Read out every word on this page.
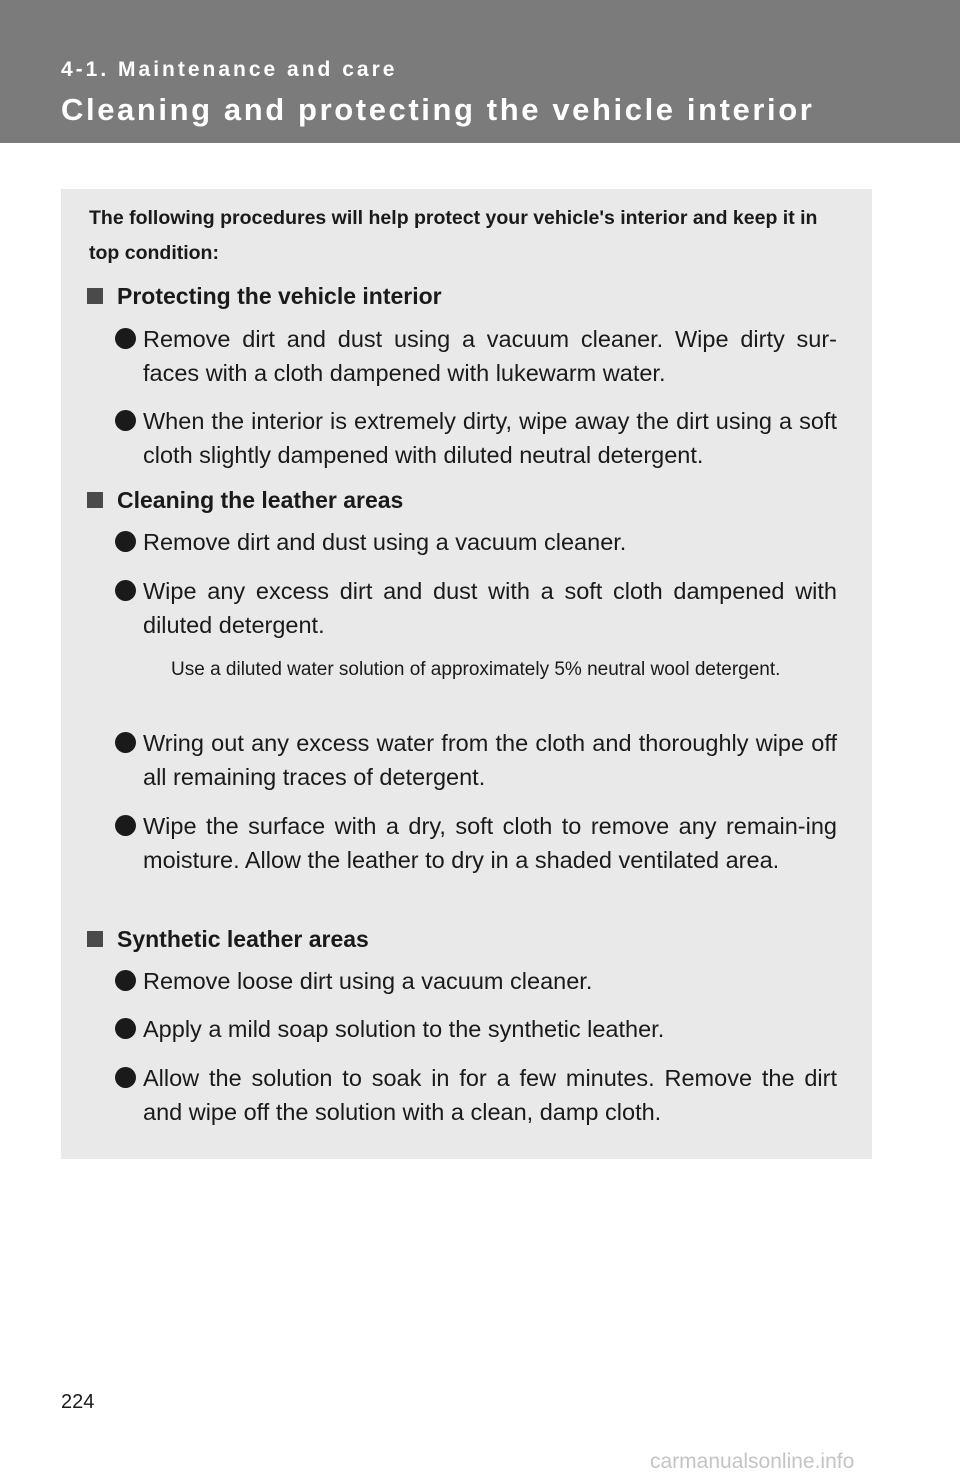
4-1. Maintenance and care
Cleaning and protecting the vehicle interior
The following procedures will help protect your vehicle's interior and keep it in top condition:
Protecting the vehicle interior
Remove dirt and dust using a vacuum cleaner. Wipe dirty sur-faces with a cloth dampened with lukewarm water.
When the interior is extremely dirty, wipe away the dirt using a soft cloth slightly dampened with diluted neutral detergent.
Cleaning the leather areas
Remove dirt and dust using a vacuum cleaner.
Wipe any excess dirt and dust with a soft cloth dampened with diluted detergent.
Use a diluted water solution of approximately 5% neutral wool detergent.
Wring out any excess water from the cloth and thoroughly wipe off all remaining traces of detergent.
Wipe the surface with a dry, soft cloth to remove any remain-ing moisture. Allow the leather to dry in a shaded ventilated area.
Synthetic leather areas
Remove loose dirt using a vacuum cleaner.
Apply a mild soap solution to the synthetic leather.
Allow the solution to soak in for a few minutes. Remove the dirt and wipe off the solution with a clean, damp cloth.
224
carmanualsonline.info
